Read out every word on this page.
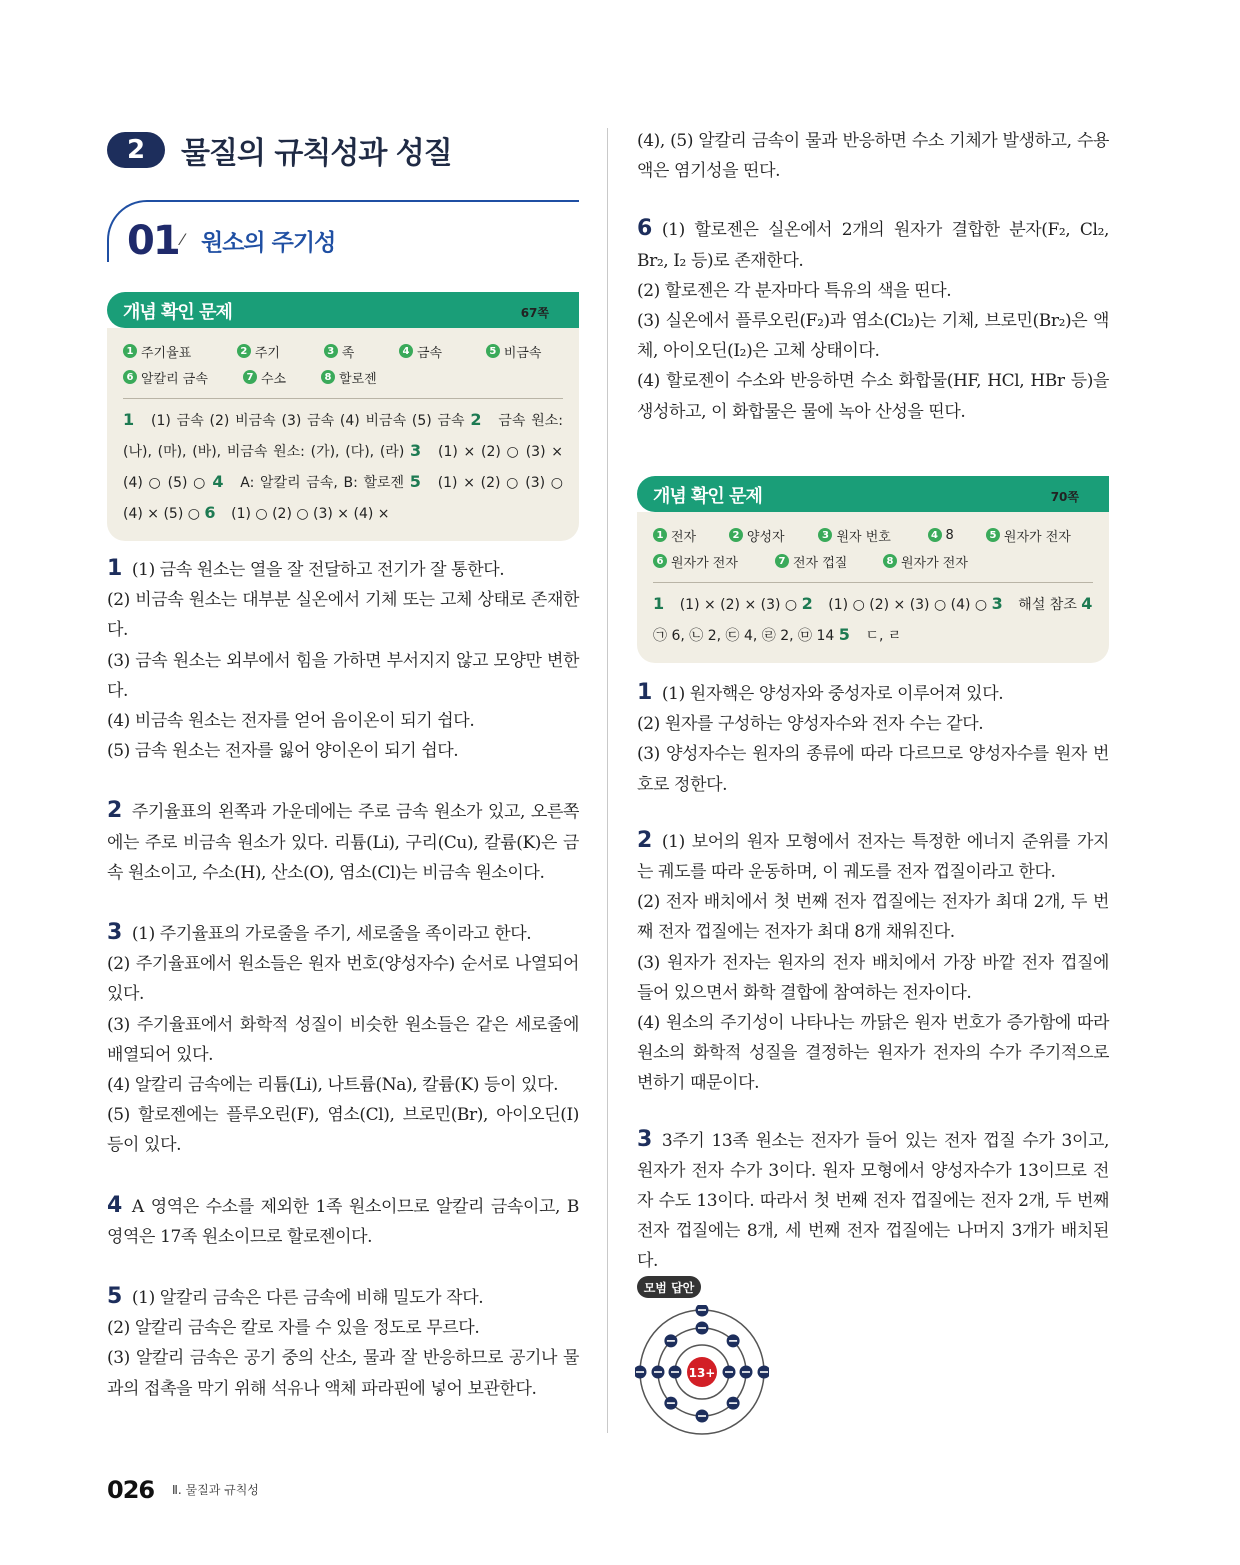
2	물질의 규칙성과 성질
01 ⁄ 원소의 주기성
개념 확인 문제	67쪽
1 주기율표	2 주기	3 족	4 금속	5 비금속
6 알칼리 금속	7 수소	8 할로젠
1 (1) 금속 (2) 비금속 (3) 금속 (4) 비금속 (5) 금속 2 금속 원소: (나), (마), (바), 비금속 원소: (가), (다), (라) 3 (1) × (2) ○ (3) × (4) ○ (5) ○ 4 A: 알칼리 금속, B: 할로젠 5 (1) × (2) ○ (3) ○ (4) × (5) ○ 6 (1) ○ (2) ○ (3) × (4) ×
1 (1) 금속 원소는 열을 잘 전달하고 전기가 잘 통한다.
(2) 비금속 원소는 대부분 실온에서 기체 또는 고체 상태로 존재한다.
(3) 금속 원소는 외부에서 힘을 가하면 부서지지 않고 모양만 변한다.
(4) 비금속 원소는 전자를 얻어 음이온이 되기 쉽다.
(5) 금속 원소는 전자를 잃어 양이온이 되기 쉽다.
2 주기율표의 왼쪽과 가운데에는 주로 금속 원소가 있고, 오른쪽에는 주로 비금속 원소가 있다. 리튬(Li), 구리(Cu), 칼륨(K)은 금속 원소이고, 수소(H), 산소(O), 염소(Cl)는 비금속 원소이다.
3 (1) 주기율표의 가로줄을 주기, 세로줄을 족이라고 한다.
(2) 주기율표에서 원소들은 원자 번호(양성자수) 순서로 나열되어 있다.
(3) 주기율표에서 화학적 성질이 비슷한 원소들은 같은 세로줄에 배열되어 있다.
(4) 알칼리 금속에는 리튬(Li), 나트륨(Na), 칼륨(K) 등이 있다.
(5) 할로젠에는 플루오린(F), 염소(Cl), 브로민(Br), 아이오딘(I) 등이 있다.
4 A 영역은 수소를 제외한 1족 원소이므로 알칼리 금속이고, B 영역은 17족 원소이므로 할로젠이다.
5 (1) 알칼리 금속은 다른 금속에 비해 밀도가 작다.
(2) 알칼리 금속은 칼로 자를 수 있을 정도로 무르다.
(3) 알칼리 금속은 공기 중의 산소, 물과 잘 반응하므로 공기나 물과의 접촉을 막기 위해 석유나 액체 파라핀에 넣어 보관한다.
(4), (5) 알칼리 금속이 물과 반응하면 수소 기체가 발생하고, 수용액은 염기성을 띤다.
6 (1) 할로젠은 실온에서 2개의 원자가 결합한 분자(F₂, Cl₂, Br₂, I₂ 등)로 존재한다.
(2) 할로젠은 각 분자마다 특유의 색을 띤다.
(3) 실온에서 플루오린(F₂)과 염소(Cl₂)는 기체, 브로민(Br₂)은 액체, 아이오딘(I₂)은 고체 상태이다.
(4) 할로젠이 수소와 반응하면 수소 화합물(HF, HCl, HBr 등)을 생성하고, 이 화합물은 물에 녹아 산성을 띤다.
개념 확인 문제	70쪽
1 전자	2 양성자	3 원자 번호	4 8	5 원자가 전자
6 원자가 전자	7 전자 껍질	8 원자가 전자
1 (1) × (2) × (3) ○ 2 (1) ○ (2) × (3) ○ (4) ○ 3 해설 참조 4 ㉠ 6, ㉡ 2, ㉢ 4, ㉣ 2, ㉤ 14 5 ㄷ, ㄹ
1 (1) 원자핵은 양성자와 중성자로 이루어져 있다.
(2) 원자를 구성하는 양성자수와 전자 수는 같다.
(3) 양성자수는 원자의 종류에 따라 다르므로 양성자수를 원자 번호로 정한다.
2 (1) 보어의 원자 모형에서 전자는 특정한 에너지 준위를 가지는 궤도를 따라 운동하며, 이 궤도를 전자 껍질이라고 한다.
(2) 전자 배치에서 첫 번째 전자 껍질에는 전자가 최대 2개, 두 번째 전자 껍질에는 전자가 최대 8개 채워진다.
(3) 원자가 전자는 원자의 전자 배치에서 가장 바깥 전자 껍질에 들어 있으면서 화학 결합에 참여하는 전자이다.
(4) 원소의 주기성이 나타나는 까닭은 원자 번호가 증가함에 따라 원소의 화학적 성질을 결정하는 원자가 전자의 수가 주기적으로 변하기 때문이다.
3 3주기 13족 원소는 전자가 들어 있는 전자 껍질 수가 3이고, 원자가 전자 수가 3이다. 원자 모형에서 양성자수가 13이므로 전자 수도 13이다. 따라서 첫 번째 전자 껍질에는 전자 2개, 두 번째 전자 껍질에는 8개, 세 번째 전자 껍질에는 나머지 3개가 배치된다.
모범 답안
13+
026 Ⅱ. 물질과 규칙성
